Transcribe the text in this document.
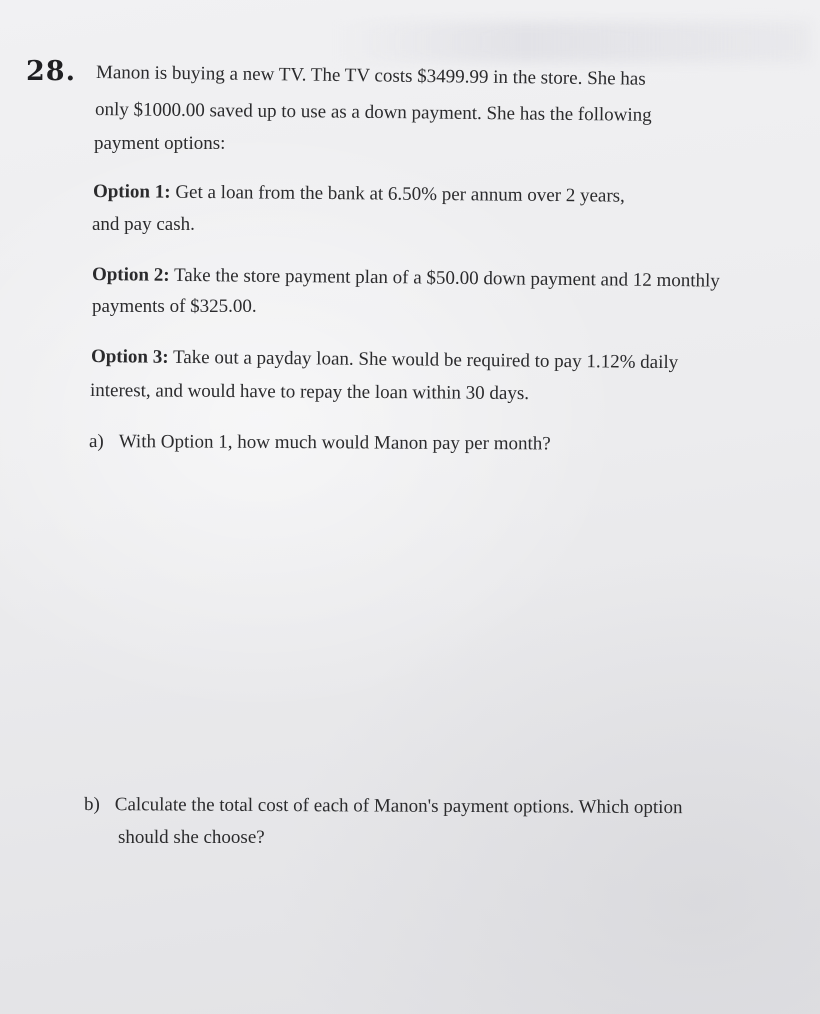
28. Manon is buying a new TV. The TV costs $3499.99 in the store. She has
only $1000.00 saved up to use as a down payment. She has the following
payment options:
Option 1: Get a loan from the bank at 6.50% per annum over 2 years,
and pay cash.
Option 2: Take the store payment plan of a $50.00 down payment and 12 monthly
payments of $325.00.
Option 3: Take out a payday loan. She would be required to pay 1.12% daily
interest, and would have to repay the loan within 30 days.
a) With Option 1, how much would Manon pay per month?
b) Calculate the total cost of each of Manon's payment options. Which option
should she choose?
